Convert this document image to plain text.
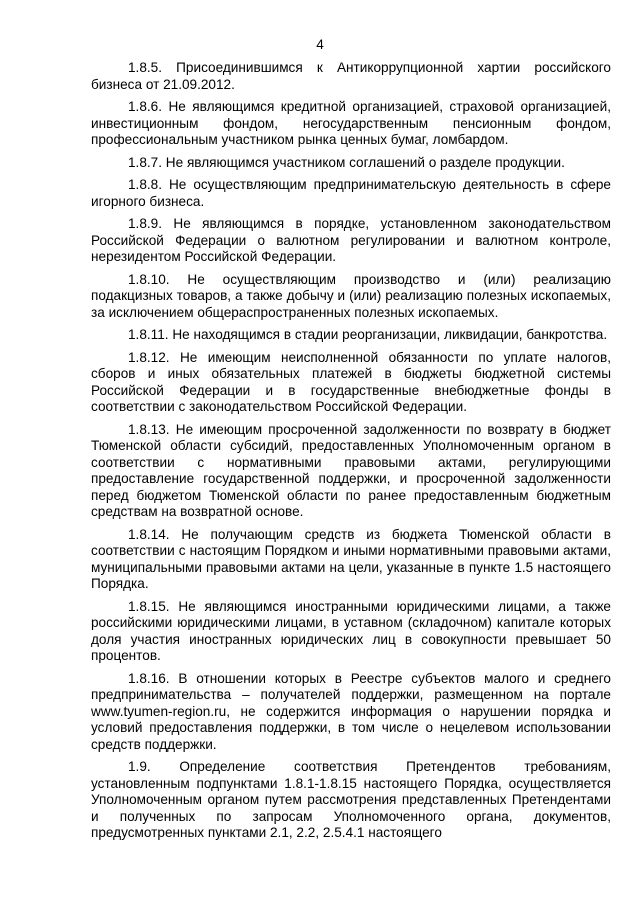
4

1.8.5. Присоединившимся к Антикоррупционной хартии российского бизнеса от 21.09.2012.

1.8.6. Не являющимся кредитной организацией, страховой организацией, инвестиционным фондом, негосударственным пенсионным фондом, профессиональным участником рынка ценных бумаг, ломбардом.

1.8.7. Не являющимся участником соглашений о разделе продукции.

1.8.8. Не осуществляющим предпринимательскую деятельность в сфере игорного бизнеса.

1.8.9. Не являющимся в порядке, установленном законодательством Российской Федерации о валютном регулировании и валютном контроле, нерезидентом Российской Федерации.

1.8.10. Не осуществляющим производство и (или) реализацию подакцизных товаров, а также добычу и (или) реализацию полезных ископаемых, за исключением общераспространенных полезных ископаемых.

1.8.11. Не находящимся в стадии реорганизации, ликвидации, банкротства.

1.8.12. Не имеющим неисполненной обязанности по уплате налогов, сборов и иных обязательных платежей в бюджеты бюджетной системы Российской Федерации и в государственные внебюджетные фонды в соответствии с законодательством Российской Федерации.

1.8.13. Не имеющим просроченной задолженности по возврату в бюджет Тюменской области субсидий, предоставленных Уполномоченным органом в соответствии с нормативными правовыми актами, регулирующими предоставление государственной поддержки, и просроченной задолженности перед бюджетом Тюменской области по ранее предоставленным бюджетным средствам на возвратной основе.

1.8.14. Не получающим средств из бюджета Тюменской области в соответствии с настоящим Порядком и иными нормативными правовыми актами, муниципальными правовыми актами на цели, указанные в пункте 1.5 настоящего Порядка.

1.8.15. Не являющимся иностранными юридическими лицами, а также российскими юридическими лицами, в уставном (складочном) капитале которых доля участия иностранных юридических лиц в совокупности превышает 50 процентов.

1.8.16. В отношении которых в Реестре субъектов малого и среднего предпринимательства – получателей поддержки, размещенном на портале www.tyumen-region.ru, не содержится информация о нарушении порядка и условий предоставления поддержки, в том числе о нецелевом использовании средств поддержки.

1.9. Определение соответствия Претендентов требованиям, установленным подпунктами 1.8.1-1.8.15 настоящего Порядка, осуществляется Уполномоченным органом путем рассмотрения представленных Претендентами и полученных по запросам Уполномоченного органа, документов, предусмотренных пунктами 2.1, 2.2, 2.5.4.1 настоящего
